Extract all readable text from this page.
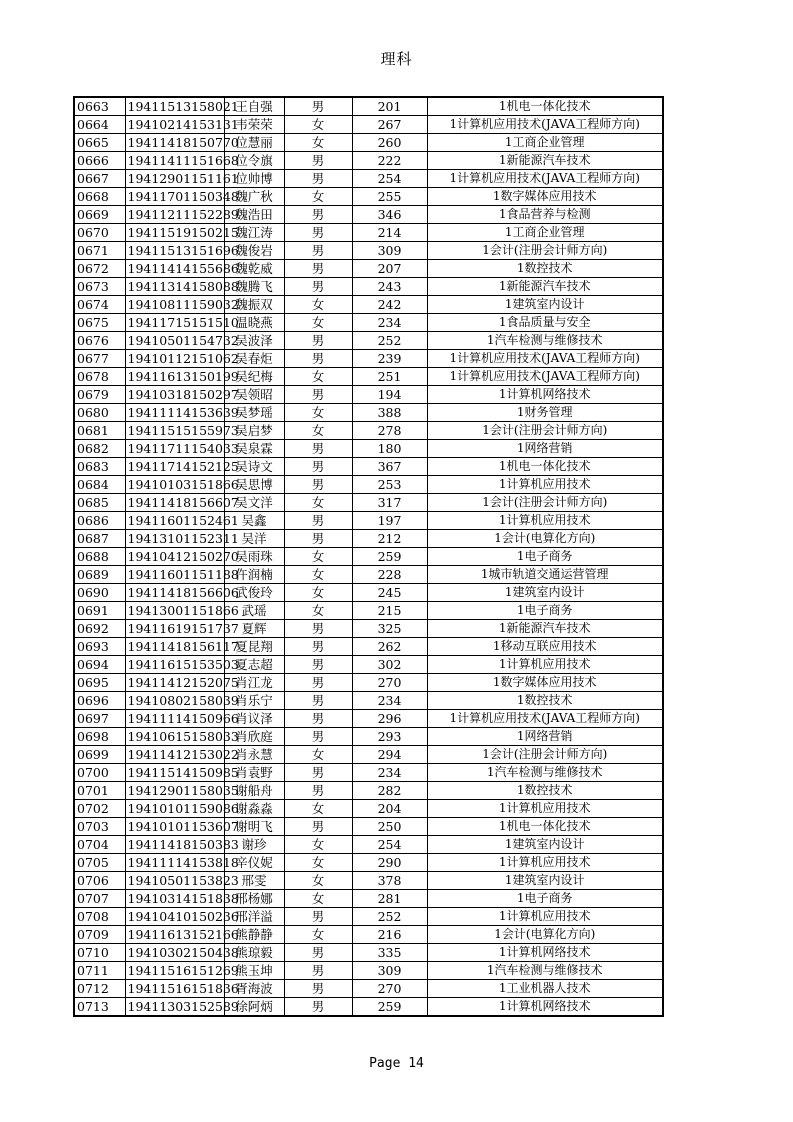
理科
0663	19411513158021	王自强	男	201	1机电一体化技术
0664	19410214153131	韦荣荣	女	267	1计算机应用技术(JAVA工程师方向)
0665	19411418150770	位慧丽	女	260	1工商企业管理
0666	19411411151668	位令旗	男	222	1新能源汽车技术
0667	19412901151161	位帅博	男	254	1计算机应用技术(JAVA工程师方向)
0668	19411701150348	魏广秋	女	255	1数字媒体应用技术
0669	19411211152289	魏浩田	男	346	1食品营养与检测
0670	19411519150215	魏江涛	男	214	1工商企业管理
0671	19411513151696	魏俊岩	男	309	1会计(注册会计师方向)
0672	19411414155686	魏乾威	男	207	1数控技术
0673	19411314158088	魏腾飞	男	243	1新能源汽车技术
0674	19410811159032	魏振双	女	242	1建筑室内设计
0675	19411715151510	温晓燕	女	234	1食品质量与安全
0676	19410501154732	吴波泽	男	252	1汽车检测与维修技术
0677	19410112151062	吴春炬	男	239	1计算机应用技术(JAVA工程师方向)
0678	19411613150199	吴纪梅	女	251	1计算机应用技术(JAVA工程师方向)
0679	19410318150297	吴领昭	男	194	1计算机网络技术
0680	19411114153639	吴梦瑶	女	388	1财务管理
0681	19411515155973	吴启梦	女	278	1会计(注册会计师方向)
0682	19411711154033	吴泉霖	男	180	1网络营销
0683	19411714152125	吴诗文	男	367	1机电一体化技术
0684	19410103151866	吴思博	男	253	1计算机应用技术
0685	19411418156607	吴文洋	女	317	1会计(注册会计师方向)
0686	19411601152461	吴鑫	男	197	1计算机应用技术
0687	19413101152311	吴洋	男	212	1会计(电算化方向)
0688	19410412150270	吴雨珠	女	259	1电子商务
0689	19411601151188	仵润楠	女	228	1城市轨道交通运营管理
0690	19411418156606	武俊玲	女	245	1建筑室内设计
0691	19413001151866	武瑶	女	215	1电子商务
0692	19411619151737	夏辉	男	325	1新能源汽车技术
0693	19411418156117	夏昆翔	男	262	1移动互联应用技术
0694	19411615153503	夏志超	男	302	1计算机应用技术
0695	19411412152075	肖江龙	男	270	1数字媒体应用技术
0696	19410802158039	肖乐宁	男	234	1数控技术
0697	19411114150966	肖议泽	男	296	1计算机应用技术(JAVA工程师方向)
0698	19410615158033	肖欣庭	男	293	1网络营销
0699	19411412153022	肖永慧	女	294	1会计(注册会计师方向)
0700	19411514150985	肖袁野	男	234	1汽车检测与维修技术
0701	19412901158035	谢船舟	男	282	1数控技术
0702	19410101159086	谢淼淼	女	204	1计算机应用技术
0703	19410101153607	谢明飞	男	250	1机电一体化技术
0704	19411418150383	谢珍	女	254	1建筑室内设计
0705	19411114153818	辛仪妮	女	290	1计算机应用技术
0706	19410501153823	邢雯	女	378	1建筑室内设计
0707	19410314151838	邢杨娜	女	281	1电子商务
0708	19410410150236	邢洋溢	男	252	1计算机应用技术
0709	19411613152166	熊静静	女	216	1会计(电算化方向)
0710	19410302150438	熊琼毅	男	335	1计算机网络技术
0711	19411516151269	熊玉坤	男	309	1汽车检测与维修技术
0712	19411516151836	胥海波	男	270	1工业机器人技术
0713	19411303152589	徐阿炳	男	259	1计算机网络技术
Page 14
